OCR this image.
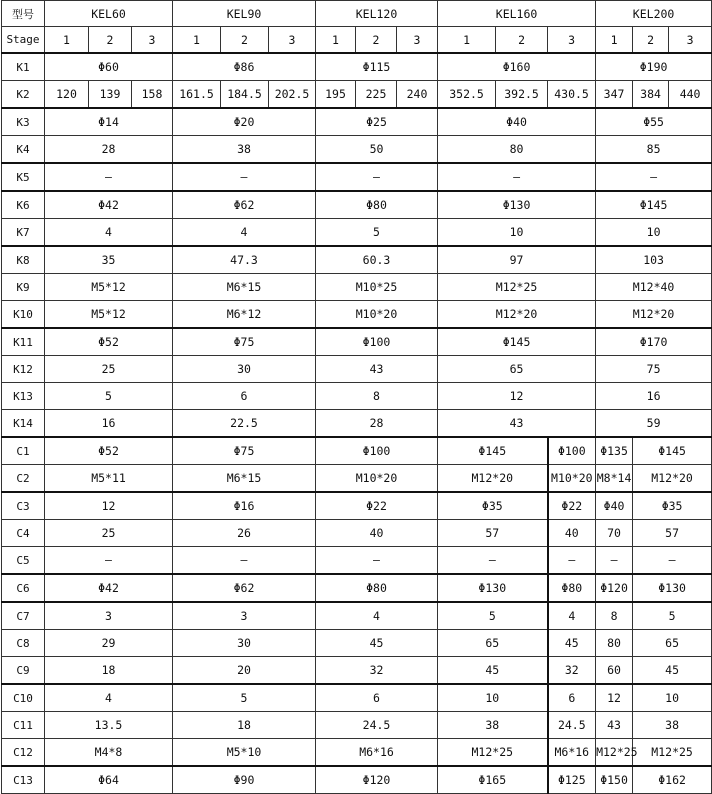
型号	KEL60			KEL90			KEL120			KEL160			KEL200		
Stage	1	2	3	1	2	3	1	2	3	1	2	3	1	2	3
K1	Φ60			Φ86			Φ115			Φ160			Φ190		
K2	120	139	158	161.5	184.5	202.5	195	225	240	352.5	392.5	430.5	347	384	440
K3	Φ14			Φ20			Φ25			Φ40			Φ55		
K4	28			38			50			80			85		
K5	–			–			–			–			–		
K6	Φ42			Φ62			Φ80			Φ130			Φ145		
K7	4			4			5			10			10		
K8	35			47.3			60.3			97			103		
K9	M5*12			M6*15			M10*25			M12*25			M12*40		
K10	M5*12			M6*12			M10*20			M12*20			M12*20		
K11	Φ52			Φ75			Φ100			Φ145			Φ170		
K12	25			30			43			65			75		
K13	5			6			8			12			16		
K14	16			22.5			28			43			59		
C1	Φ52			Φ75			Φ100			Φ145		Φ100	Φ135	Φ145	
C2	M5*11			M6*15			M10*20			M12*20		M10*20	M8*14	M12*20	
C3	12			Φ16			Φ22			Φ35		Φ22	Φ40	Φ35	
C4	25			26			40			57		40	70	57	
C5	–			–			–			–		–	–	–	
C6	Φ42			Φ62			Φ80			Φ130		Φ80	Φ120	Φ130	
C7	3			3			4			5		4	8	5	
C8	29			30			45			65		45	80	65	
C9	18			20			32			45		32	60	45	
C10	4			5			6			10		6	12	10	
C11	13.5			18			24.5			38		24.5	43	38	
C12	M4*8			M5*10			M6*16			M12*25		M6*16	M12*25	M12*25	
C13	Φ64			Φ90			Φ120			Φ165		Φ125	Φ150	Φ162	
